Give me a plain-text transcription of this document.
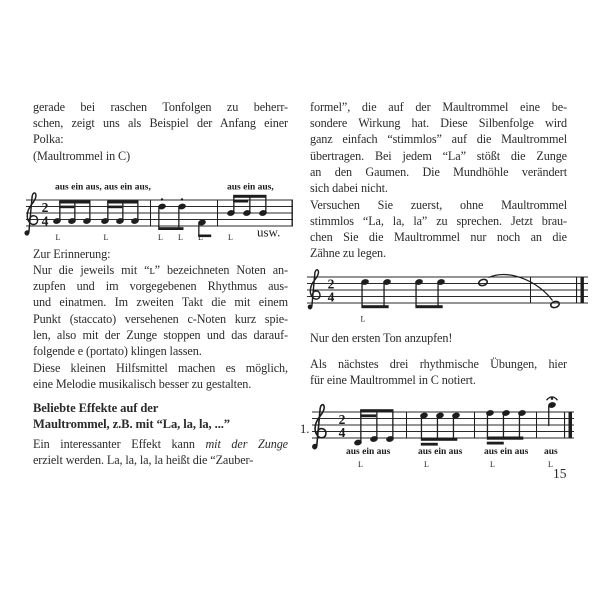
gerade bei raschen Tonfolgen zu beherr-
schen, zeigt uns als Beispiel der Anfang einer
Polka:
(Maultrommel in C)
aus ein aus, aus ein aus,	aus ein aus,
2
4
L	L	L L L	L usw.
Zur Erinnerung:
Nur die jeweils mit “ʟ” bezeichneten Noten an-
zupfen und im vorgegebenen Rhythmus aus-
und einatmen. Im zweiten Takt die mit einem
Punkt (staccato) versehenen c-Noten kurz spie-
len, also mit der Zunge stoppen und das darauf-
folgende e (portato) klingen lassen.
Diese kleinen Hilfsmittel machen es möglich,
eine Melodie musikalisch besser zu gestalten.
Beliebte Effekte auf der
Maultrommel, z.B. mit “La, la, la, ...”
Ein interessanter Effekt kann mit der Zunge
erzielt werden. La, la, la, la heißt die “Zauber-
formel”, die auf der Maultrommel eine be-
sondere Wirkung hat. Diese Silbenfolge wird
ganz einfach “stimmlos” auf die Maultrommel
übertragen. Bei jedem “La” stößt die Zunge
an den Gaumen. Die Mundhöhle verändert
sich dabei nicht.
Versuchen Sie zuerst, ohne Maultrommel
stimmlos “La, la, la” zu sprechen. Jetzt brau-
chen Sie die Maultrommel nur noch an die
Zähne zu legen.
2
4
L
Nur den ersten Ton anzupfen!
Als nächstes drei rhythmische Übungen, hier
für eine Maultrommel in C notiert.
1.
2
4
aus ein aus
L
aus ein aus
L
aus ein aus
L
aus
L
15
